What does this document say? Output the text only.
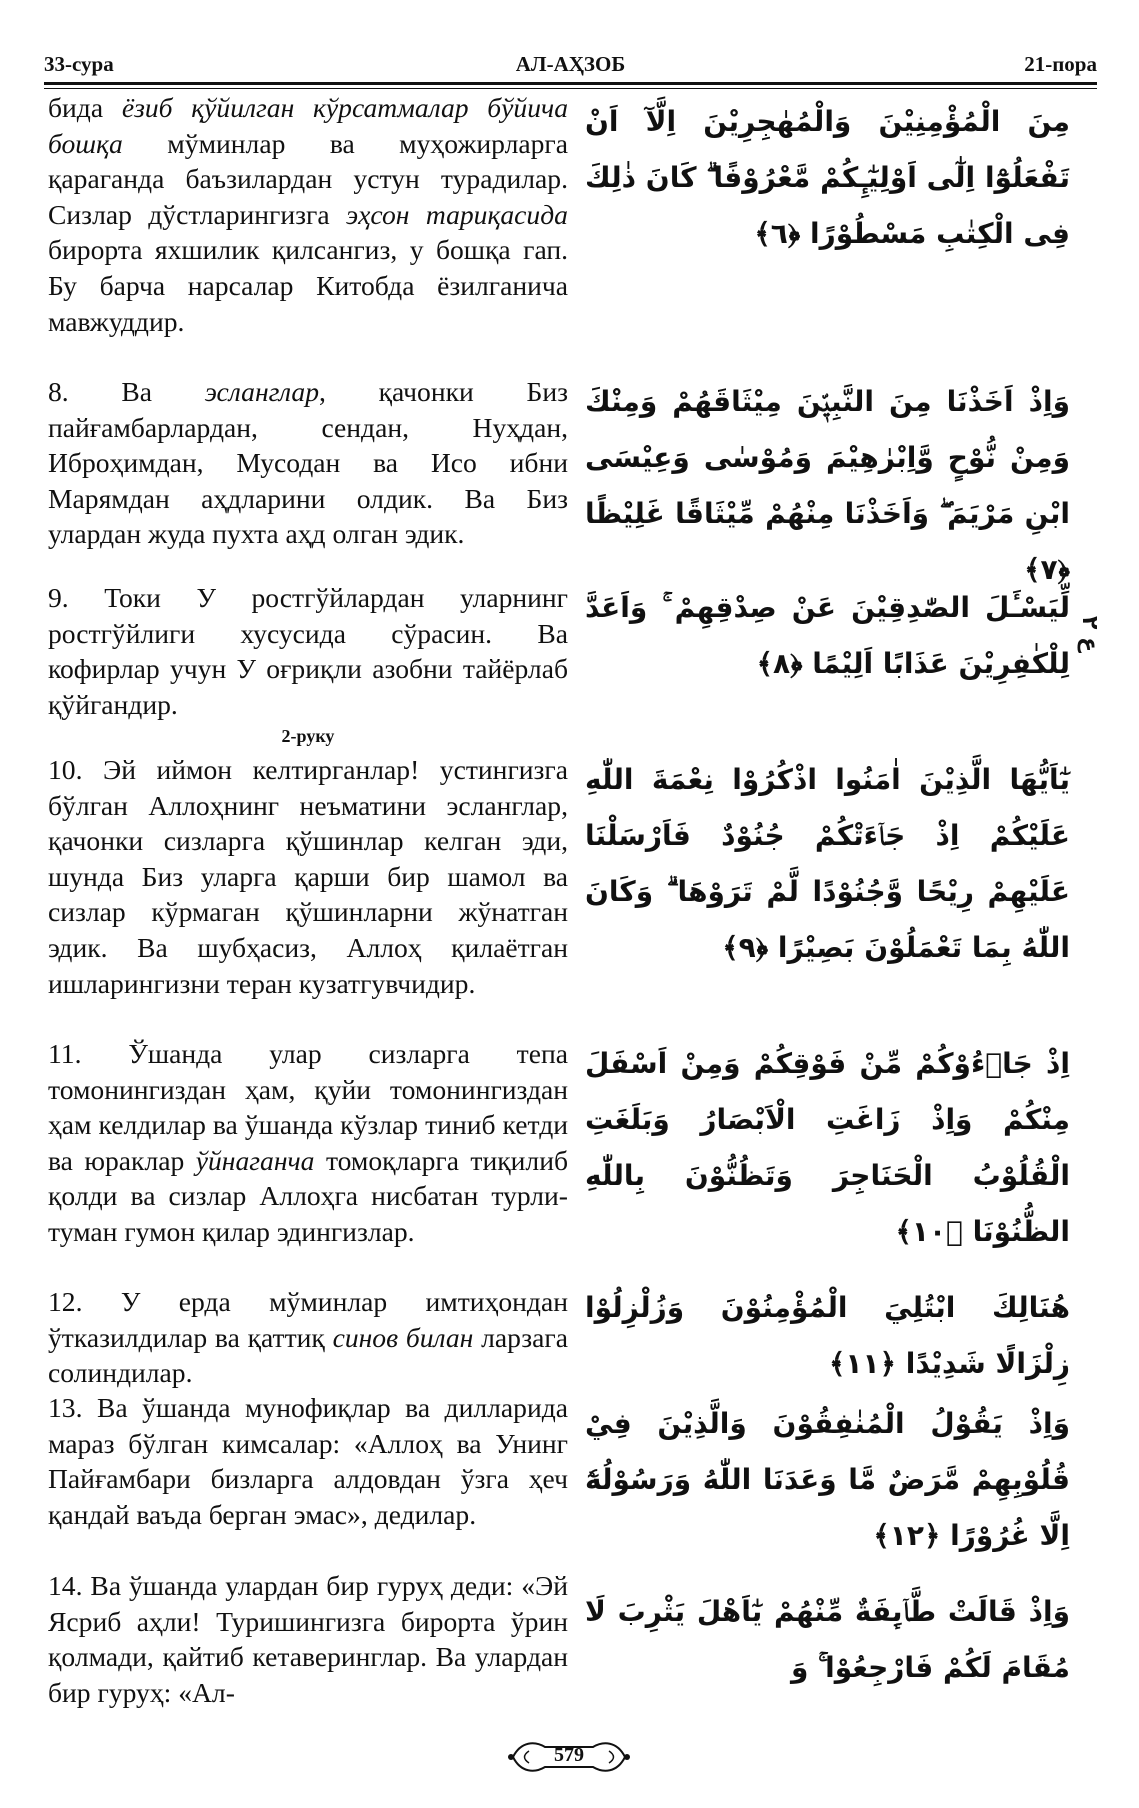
33-сура	АЛ-АҲЗОБ	21-пора

бида ёзиб қўйилган кўрсатмалар бўйича бошқа мўминлар ва муҳожирларга қараганда баъзилардан устун турадилар. Сизлар дўстларингизга эҳсон тариқасида бирорта яхшилик қилсангиз, у бошқа гап. Бу барча нарсалар Китобда ёзилганича мавжуддир.

8. Ва эсланглар, қачонки Биз пайғамбарлардан, сендан, Нуҳдан, Иброҳимдан, Мусодан ва Исо ибни Марямдан аҳдларини олдик. Ва Биз улардан жуда пухта аҳд олган эдик.

9. Токи У ростгўйлардан уларнинг ростгўйлиги хусусида сўрасин. Ва кофирлар учун У оғриқли азобни тайёрлаб қўйгандир.

2-руку

10. Эй иймон келтирганлар! устингизга бўлган Аллоҳнинг неъматини эсланглар, қачонки сизларга қўшинлар келган эди, шунда Биз уларга қарши бир шамол ва сизлар кўрмаган қўшинларни жўнатган эдик. Ва шубҳасиз, Аллоҳ қилаётган ишларингизни теран кузатгувчидир.

11. Ўшанда улар сизларга тепа томонингиздан ҳам, қуйи томонингиздан ҳам келдилар ва ўшанда кўзлар тиниб кетди ва юраклар ўйнаганча томоқларга тиқилиб қолди ва сизлар Аллоҳга нисбатан турли-туман гумон қилар эдингизлар.

12. У ерда мўминлар имтиҳондан ўтказилдилар ва қаттиқ синов билан ларзага солиндилар.

13. Ва ўшанда мунофиқлар ва дилларида мараз бўлган кимсалар: «Аллоҳ ва Унинг Пайғамбари бизларга алдовдан ўзга ҳеч қандай ваъда берган эмас», дедилар.

14. Ва ўшанда улардан бир гуруҳ деди: «Эй Ясриб аҳли! Туришингизга бирорта ўрин қолмади, қайтиб кетаверинглар. Ва улардан бир гуруҳ: «Ал-

مِنَ الْمُؤْمِنِيْنَ وَالْمُهٰجِرِيْنَ اِلَّآ اَنْ تَفْعَلُوْٓا اِلٰٓى اَوْلِيٰٓـِٕكُمْ مَّعْرُوْفًا ۗ كَانَ ذٰلِكَ فِى الْكِتٰبِ مَسْطُوْرًا ﴿٦﴾

وَاِذْ اَخَذْنَا مِنَ النَّبِيّٖنَ مِيْثَاقَهُمْ وَمِنْكَ وَمِنْ نُّوْحٍ وَّاِبْرٰهِيْمَ وَمُوْسٰى وَعِيْسَى ابْنِ مَرْيَمَ ۖ وَاَخَذْنَا مِنْهُمْ مِّيْثَاقًا غَلِيْظًا ﴿٧﴾

لِّيَسْـَٔلَ الصّٰدِقِيْنَ عَنْ صِدْقِهِمْ ۚ وَاَعَدَّ لِلْكٰفِرِيْنَ عَذَابًا اَلِيْمًا ﴿٨﴾

يٰٓاَيُّهَا الَّذِيْنَ اٰمَنُوا اذْكُرُوْا نِعْمَةَ اللّٰهِ عَلَيْكُمْ اِذْ جَاۤءَتْكُمْ جُنُوْدٌ فَاَرْسَلْنَا عَلَيْهِمْ رِيْحًا وَّجُنُوْدًا لَّمْ تَرَوْهَا ۗ وَكَانَ اللّٰهُ بِمَا تَعْمَلُوْنَ بَصِيْرًا ﴿٩﴾

اِذْ جَاۤءُوْكُمْ مِّنْ فَوْقِكُمْ وَمِنْ اَسْفَلَ مِنْكُمْ وَاِذْ زَاغَتِ الْاَبْصَارُ وَبَلَغَتِ الْقُلُوْبُ الْحَنَاجِرَ وَتَظُنُّوْنَ بِاللّٰهِ الظُّنُوْنَا ﴿١٠﴾

هُنَالِكَ ابْتُلِيَ الْمُؤْمِنُوْنَ وَزُلْزِلُوْا زِلْزَالًا شَدِيْدًا ﴿١١﴾

وَاِذْ يَقُوْلُ الْمُنٰفِقُوْنَ وَالَّذِيْنَ فِيْ قُلُوْبِهِمْ مَّرَضٌ مَّا وَعَدَنَا اللّٰهُ وَرَسُوْلُهٗٓ اِلَّا غُرُوْرًا ﴿١٢﴾

وَاِذْ قَالَتْ طَّاۤىِٕفَةٌ مِّنْهُمْ يٰٓاَهْلَ يَثْرِبَ لَا مُقَامَ لَكُمْ فَارْجِعُوْا ۚ وَ

ع ٢
579
